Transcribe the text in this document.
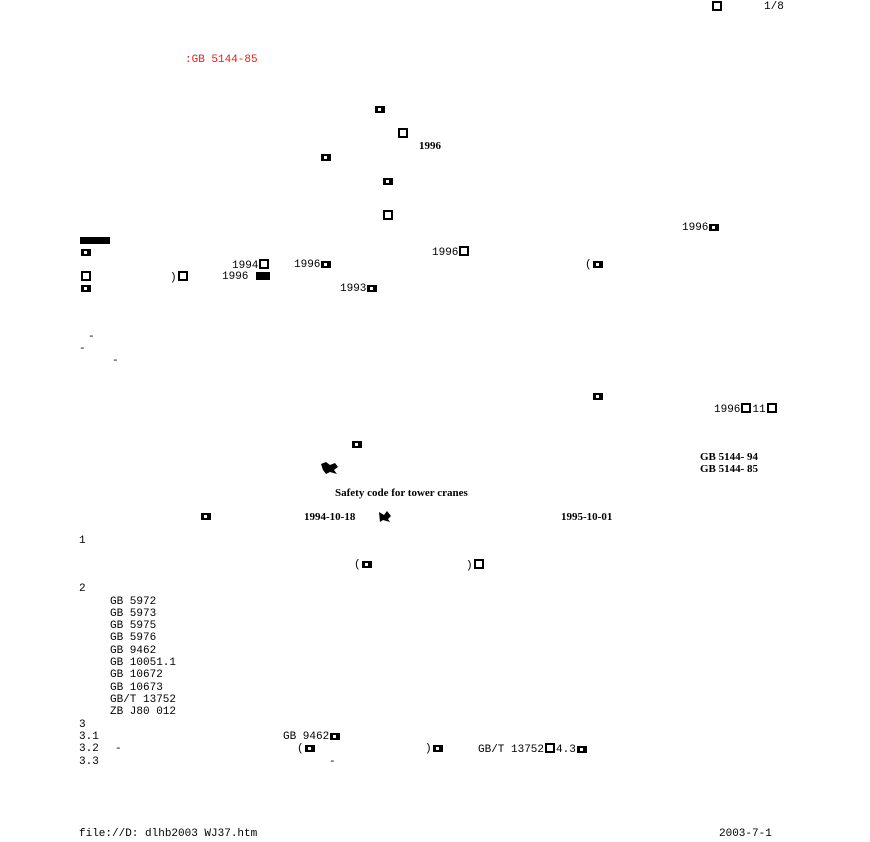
1/8
:GB 5144-85
1996
1996
1996
1994	1996	(
)	1996
1993
-
-
-
1996 11
GB 5144- 94
GB 5144- 85
Safety code for tower cranes
1994-10-18	1995-10-01
1
(	)
2
GB 5972
GB 5973
GB 5975
GB 5976
GB 9462
GB 10051.1
GB 10672
GB 10673
GB/T 13752
ZB J80 012
3
3.1	GB 9462
3.2 -	(	)	GB/T 13752 4.3
3.3	-
file://D: dlhb2003 WJ37.htm	2003-7-1
